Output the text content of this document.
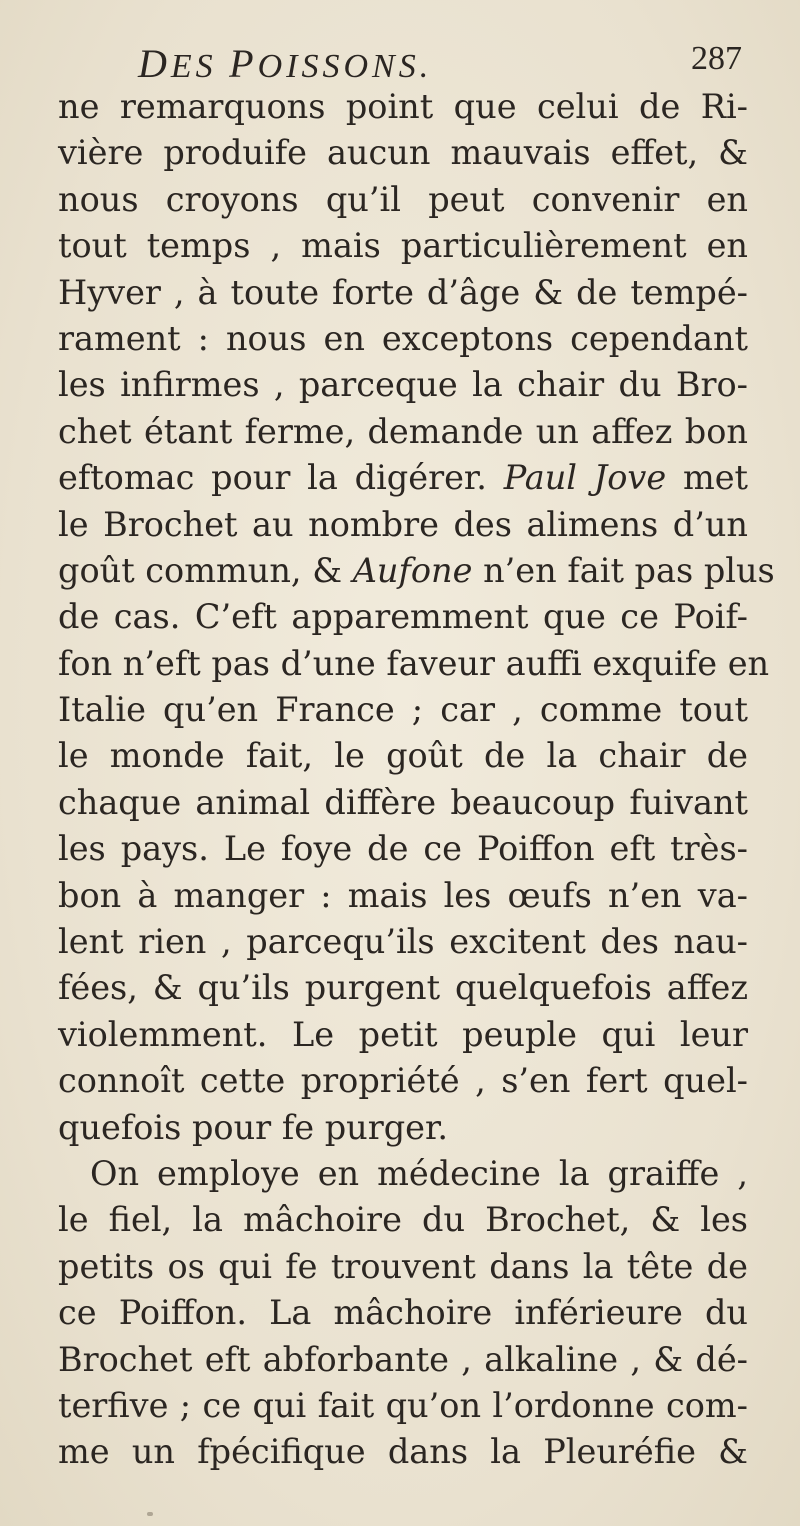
DES POISSONS.	287
ne remarquons point que celui de Ri-
vière produife aucun mauvais effet, &
nous croyons qu’il peut convenir en
tout temps , mais particulièrement en
Hyver , à toute forte d’âge & de tempé-
rament : nous en exceptons cependant
les infirmes , parceque la chair du Bro-
chet étant ferme, demande un affez bon
eftomac pour la digérer. Paul Jove met
le Brochet au nombre des alimens d’un
goût commun, & Aufone n’en fait pas plus
de cas. C’eft apparemment que ce Poif-
fon n’eft pas d’une faveur auffi exquife en
Italie qu’en France ; car , comme tout
le monde fait, le goût de la chair de
chaque animal diffère beaucoup fuivant
les pays. Le foye de ce Poiffon eft très-
bon à manger : mais les œufs n’en va-
lent rien , parcequ’ils excitent des nau-
fées, & qu’ils purgent quelquefois affez
violemment. Le petit peuple qui leur
connoît cette propriété , s’en fert quel-
quefois pour fe purger.
On employe en médecine la graiffe ,
le fiel, la mâchoire du Brochet, & les
petits os qui fe trouvent dans la tête de
ce Poiffon. La mâchoire inférieure du
Brochet eft abforbante , alkaline , & dé-
terfive ; ce qui fait qu’on l’ordonne com-
me un fpécifique dans la Pleuréfie &
